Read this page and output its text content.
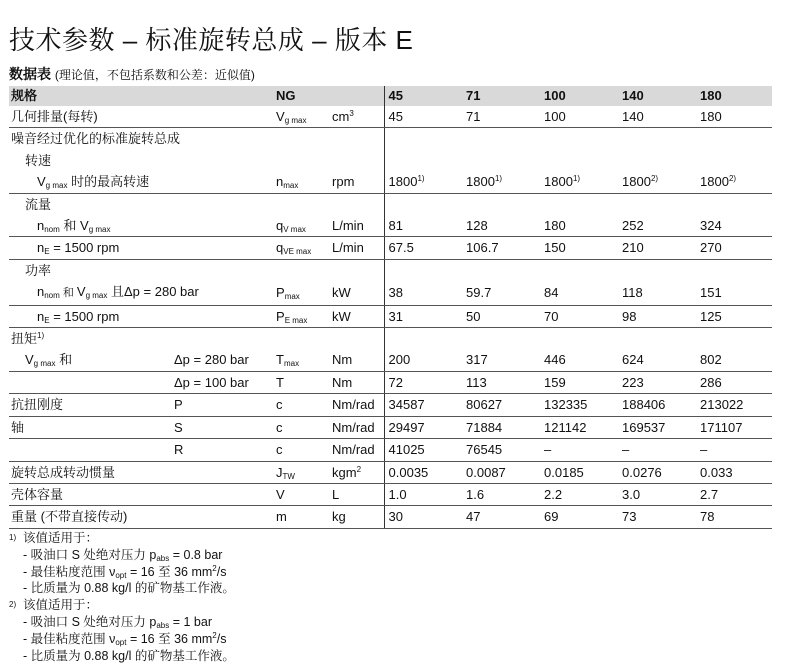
技术参数 – 标准旋转总成 – 版本 E
数据表 (理论值，不包括系数和公差：近似值)
规格		NG		45	71	100	140	180
几何排量(每转)		$V_{g max}$	$cm^3$	45	71	100	140	180
噪音经过优化的标准旋转总成								
转速								
$V_{g max}$ 时的最高转速		$n_{max}$	rpm	1800$^{1)}$	1800$^{1)}$	1800$^{1)}$	1800$^{2)}$	1800$^{2)}$
流量								
$n_{nom}$ 和 $V_{g max}$		$q_{V max}$	L/min	81	128	180	252	324
$n_E = 1500$ rpm		$q_{VE max}$	L/min	67.5	106.7	150	210	270
功率								
$n_{nom}$ 和 $V_{g max}$ 且Δp = 280 bar		$P_{max}$	kW	38	59.7	84	118	151
$n_E = 1500$ rpm		$P_{E max}$	kW	31	50	70	98	125
扭矩$^{1)}$					
$V_{g max}$ 和	Δp = 280 bar	$T_{max}$	Nm	200	317	446	624	802
	Δp = 100 bar	T	Nm	72	113	159	223	286
抗扭刚度	P	c	Nm/rad	34587	80627	132335	188406	213022
轴	S	c	Nm/rad	29497	71884	121142	169537	171107
	R	c	Nm/rad	41025	76545	–	–	–
旋转总成转动惯量		$J_{TW}$	kgm$^2$	0.0035	0.0087	0.0185	0.0276	0.033
壳体容量		V	L	1.0	1.6	2.2	3.0	2.7
重量 (不带直接传动)		m	kg	30	47	69	73	78
1) 该值适用于：
- 吸油口 S 处绝对压力 $p_{abs} = 0.8$ bar
- 最佳粘度范围 $\nu_{opt} = 16$ 至 36 $mm^2/s$
- 比质量为 0.88 kg/l 的矿物基工作液。
2) 该值适用于：
- 吸油口 S 处绝对压力 $p_{abs} = 1$ bar
- 最佳粘度范围 $\nu_{opt} = 16$ 至 36 $mm^2/s$
- 比质量为 0.88 kg/l 的矿物基工作液。
